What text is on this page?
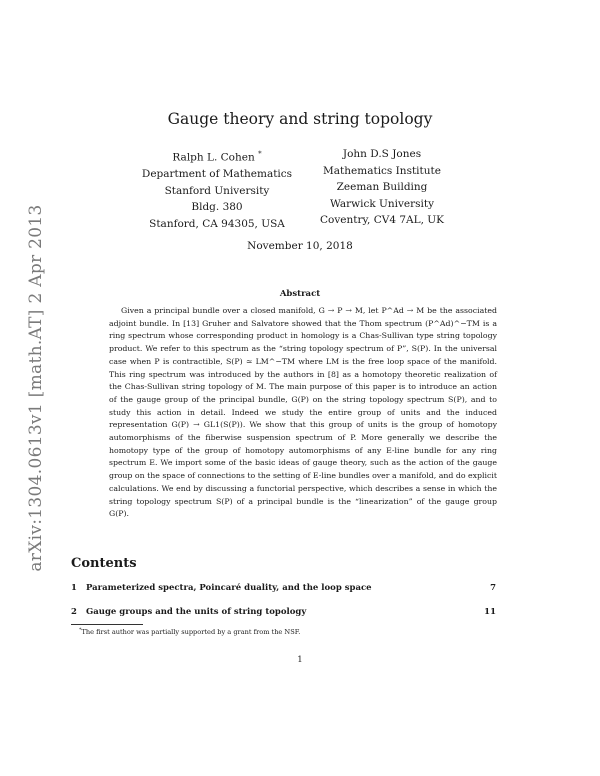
arXiv:1304.0613v1 [math.AT] 2 Apr 2013
Gauge theory and string topology
Ralph L. Cohen *
Department of Mathematics
Stanford University
Bldg. 380
Stanford, CA 94305, USA
John D.S Jones
Mathematics Institute
Zeeman Building
Warwick University
Coventry, CV4 7AL, UK
November 10, 2018
Abstract
Given a principal bundle over a closed manifold, G → P → M, let P^Ad → M be the associated adjoint bundle. In [13] Gruher and Salvatore showed that the Thom spectrum (P^Ad)^−TM is a ring spectrum whose corresponding product in homology is a Chas-Sullivan type string topology product. We refer to this spectrum as the “string topology spectrum of P”, S(P). In the universal case when P is contractible, S(P) ≃ LM^−TM where LM is the free loop space of the manifold. This ring spectrum was introduced by the authors in [8] as a homotopy theoretic realization of the Chas-Sullivan string topology of M. The main purpose of this paper is to introduce an action of the gauge group of the principal bundle, G(P) on the string topology spectrum S(P), and to study this action in detail. Indeed we study the entire group of units and the induced representation G(P) → GL1(S(P)). We show that this group of units is the group of homotopy automorphisms of the fiberwise suspension spectrum of P. More generally we describe the homotopy type of the group of homotopy automorphisms of any E-line bundle for any ring spectrum E. We import some of the basic ideas of gauge theory, such as the action of the gauge group on the space of connections to the setting of E-line bundles over a manifold, and do explicit calculations. We end by discussing a functorial perspective, which describes a sense in which the string topology spectrum S(P) of a principal bundle is the “linearization” of the gauge group G(P).
Contents
1 Parameterized spectra, Poincaré duality, and the loop space	7
2 Gauge groups and the units of string topology	11
*The first author was partially supported by a grant from the NSF.
1
